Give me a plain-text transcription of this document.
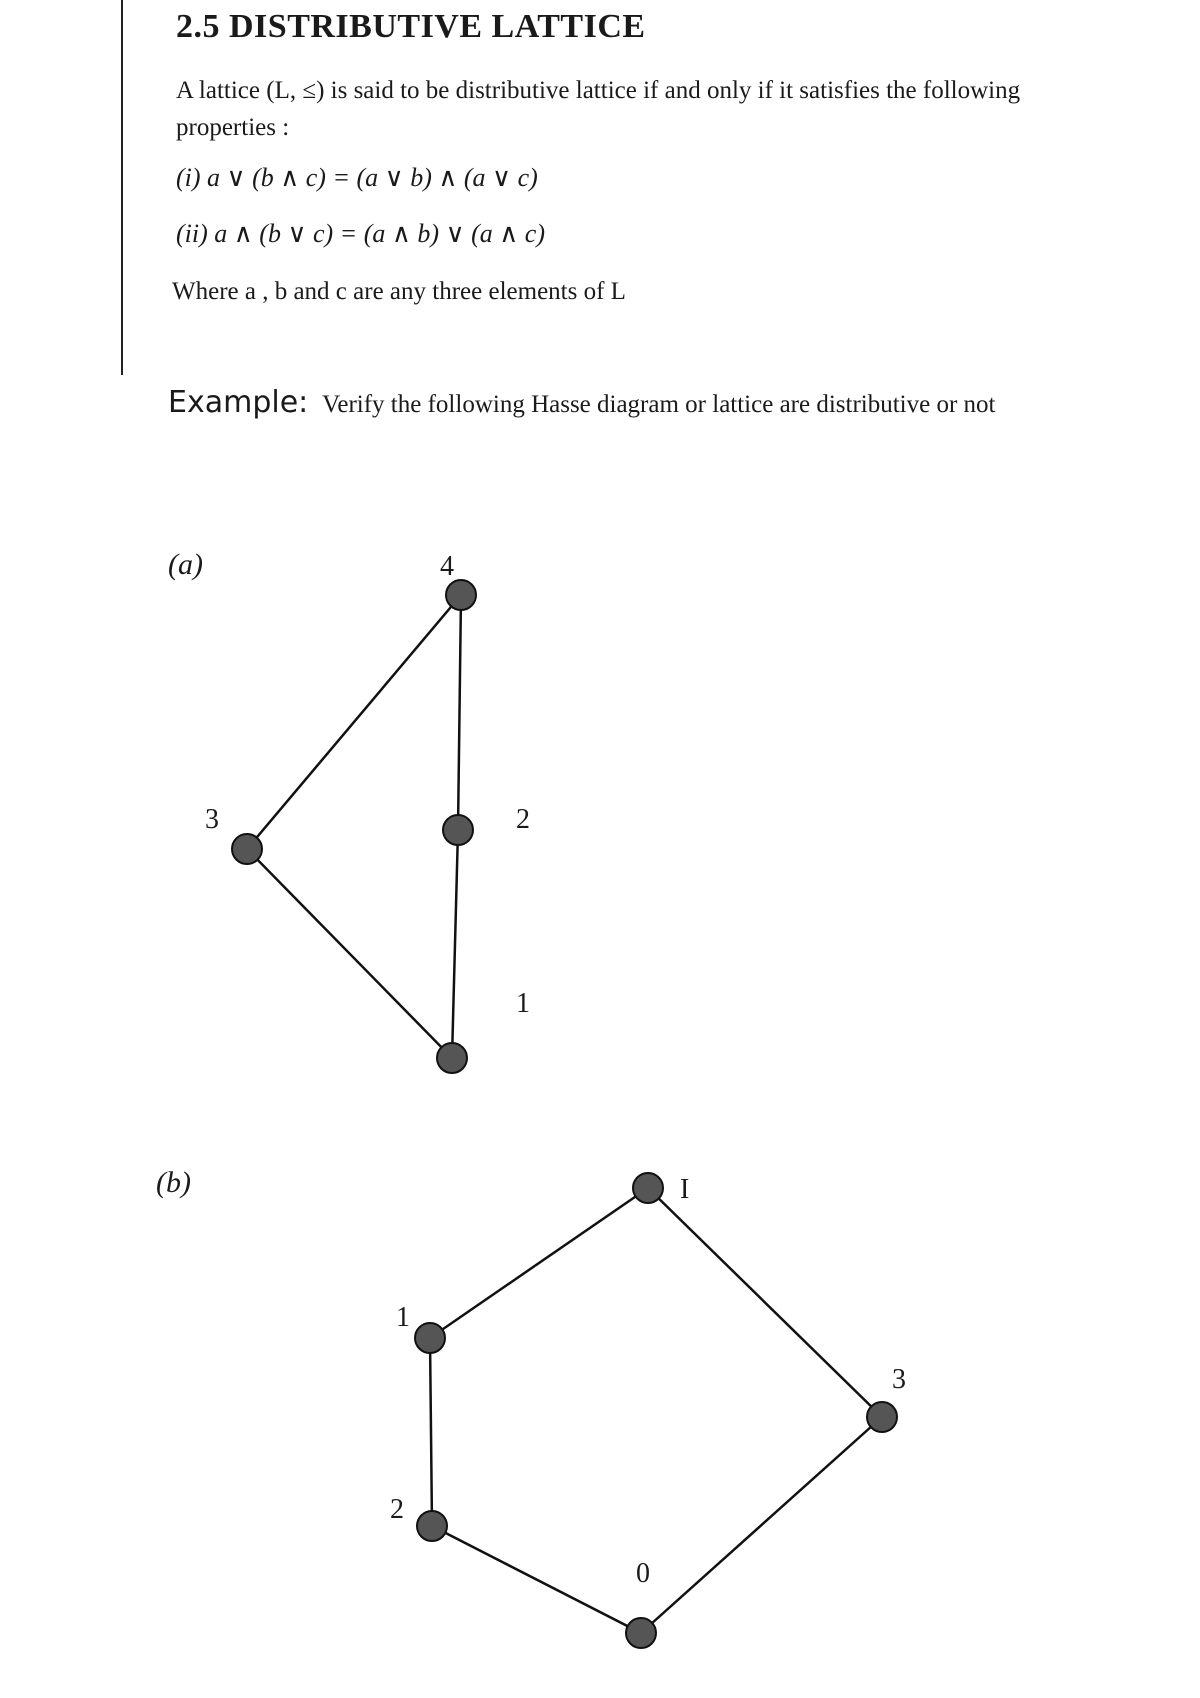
2.5 DISTRIBUTIVE LATTICE
A lattice (L, ≤) is said to be distributive lattice if and only if it satisfies the following properties :
(i) a ∨ (b ∧ c) = (a ∨ b) ∧ (a ∨ c)
(ii) a ∧ (b ∨ c) = (a ∧ b) ∨ (a ∧ c)
Where a , b and c are any three elements of L
Example: Verify the following Hasse diagram or lattice are distributive or not
(a)
(b)
4
3	2
1
I
1
3
2
0
